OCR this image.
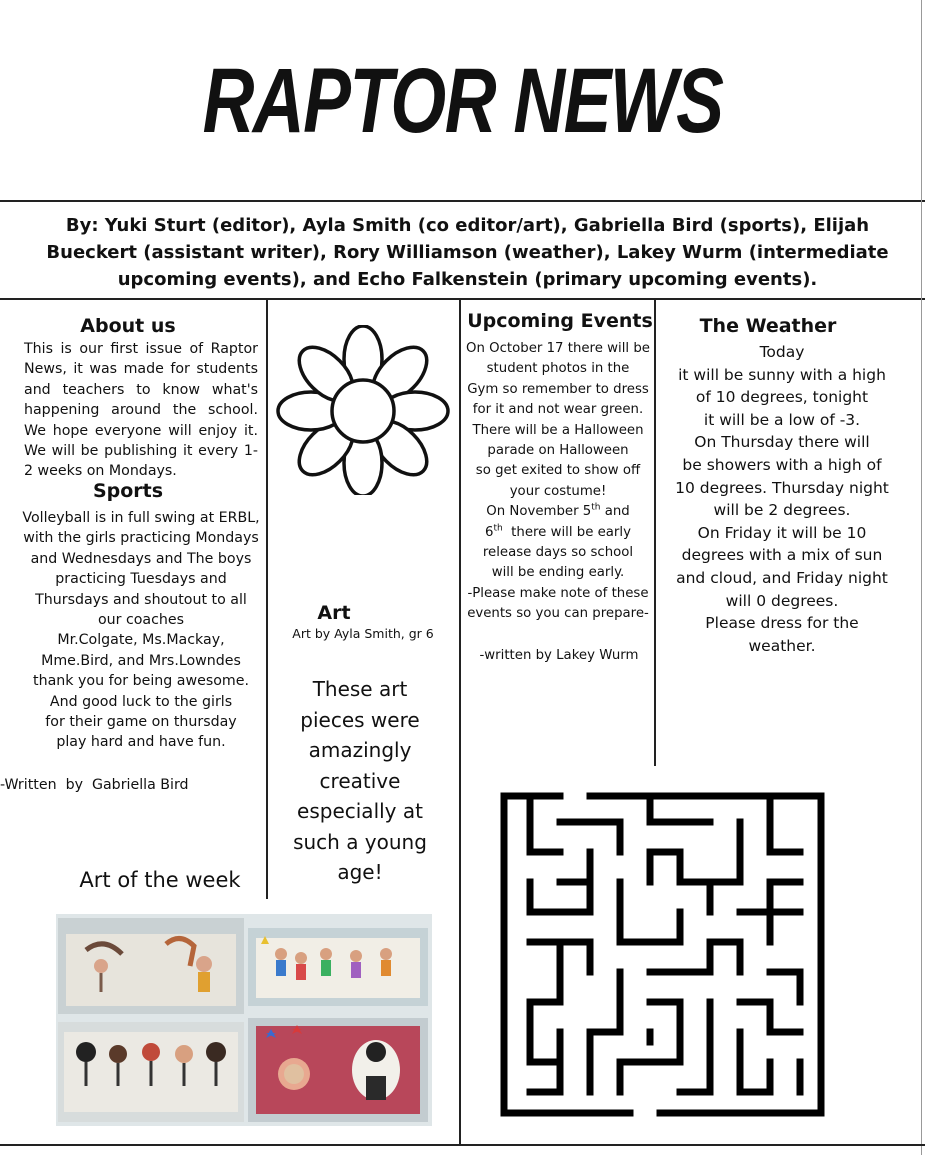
RAPTOR NEWS
By: Yuki Sturt (editor), Ayla Smith (co editor/art), Gabriella Bird (sports), Elijah Bueckert (assistant writer), Rory Williamson (weather), Lakey Wurm (intermediate upcoming events), and Echo Falkenstein (primary upcoming events).
About us
This is our first issue of Raptor News, it was made for students and teachers to know what's happening around the school. We hope everyone will enjoy it. We will be publishing it every 1-2 weeks on Mondays.
Sports
Volleyball is in full swing at ERBL,
with the girls practicing Mondays
and Wednesdays and The boys
practicing Tuesdays and
Thursdays and shoutout to all
our coaches
Mr.Colgate, Ms.Mackay,
Mme.Bird, and Mrs.Lowndes
thank you for being awesome.
And good luck to the girls
for their game on thursday
play hard and have fun.
-Written  by  Gabriella Bird
Art
Art by Ayla Smith, gr 6
These art
pieces were
amazingly
creative
especially at
such a young
age!
Art of the week
Upcoming Events
On October 17 there will be
student photos in the
Gym so remember to dress
for it and not wear green.
There will be a Halloween
parade on Halloween
so get exited to show off
your costume!
On November 5th and
6th  there will be early
release days so school
will be ending early.
-Please make note of these
events so you can prepare-
-written by Lakey Wurm
The Weather
Today
it will be sunny with a high
of 10 degrees, tonight
it will be a low of -3.
On Thursday there will
be showers with a high of
10 degrees. Thursday night
will be 2 degrees.
On Friday it will be 10
degrees with a mix of sun
and cloud, and Friday night
will 0 degrees.
Please dress for the
weather.
